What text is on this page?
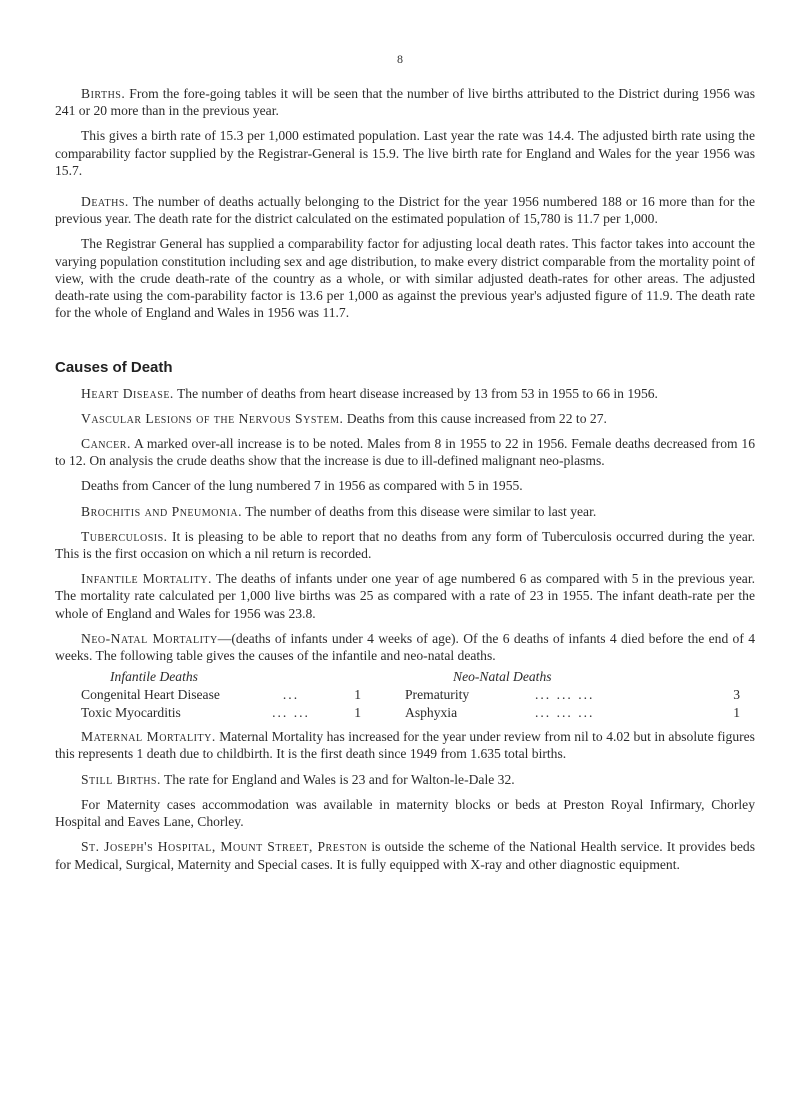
8

Births. From the fore-going tables it will be seen that the number of live births attributed to the District during 1956 was 241 or 20 more than in the previous year.

This gives a birth rate of 15.3 per 1,000 estimated population. Last year the rate was 14.4. The adjusted birth rate using the comparability factor supplied by the Registrar-General is 15.9. The live birth rate for England and Wales for the year 1956 was 15.7.

Deaths. The number of deaths actually belonging to the District for the year 1956 numbered 188 or 16 more than for the previous year. The death rate for the district calculated on the estimated population of 15,780 is 11.7 per 1,000.

The Registrar General has supplied a comparability factor for adjusting local death rates. This factor takes into account the varying population constitution including sex and age distribution, to make every district comparable from the mortality point of view, with the crude death-rate of the country as a whole, or with similar adjusted death-rates for other areas. The adjusted death-rate using the com-parability factor is 13.6 per 1,000 as against the previous year's adjusted figure of 11.9. The death rate for the whole of England and Wales in 1956 was 11.7.

Causes of Death

Heart Disease. The number of deaths from heart disease increased by 13 from 53 in 1955 to 66 in 1956.

Vascular Lesions of the Nervous System. Deaths from this cause increased from 22 to 27.

Cancer. A marked over-all increase is to be noted. Males from 8 in 1955 to 22 in 1956. Female deaths decreased from 16 to 12. On analysis the crude deaths show that the increase is due to ill-defined malignant neo-plasms.

Deaths from Cancer of the lung numbered 7 in 1956 as compared with 5 in 1955.

Brochitis and Pneumonia. The number of deaths from this disease were similar to last year.

Tuberculosis. It is pleasing to be able to report that no deaths from any form of Tuberculosis occurred during the year. This is the first occasion on which a nil return is recorded.

Infantile Mortality. The deaths of infants under one year of age numbered 6 as compared with 5 in the previous year. The mortality rate calculated per 1,000 live births was 25 as compared with a rate of 23 in 1955. The infant death-rate per the whole of England and Wales for 1956 was 23.8.

Neo-Natal Mortality—(deaths of infants under 4 weeks of age). Of the 6 deaths of infants 4 died before the end of 4 weeks. The following table gives the causes of the infantile and neo-natal deaths.

Infantile Deaths	Neo-Natal Deaths
Congenital Heart Disease	...	1	Prematurity	... ... ...	3
Toxic Myocarditis	... ...	1	Asphyxia	... ... ...	1

Maternal Mortality. Maternal Mortality has increased for the year under review from nil to 4.02 but in absolute figures this represents 1 death due to childbirth. It is the first death since 1949 from 1.635 total births.

Still Births. The rate for England and Wales is 23 and for Walton-le-Dale 32.

For Maternity cases accommodation was available in maternity blocks or beds at Preston Royal Infirmary, Chorley Hospital and Eaves Lane, Chorley.

St. Joseph's Hospital, Mount Street, Preston is outside the scheme of the National Health service. It provides beds for Medical, Surgical, Maternity and Special cases. It is fully equipped with X-ray and other diagnostic equipment.
